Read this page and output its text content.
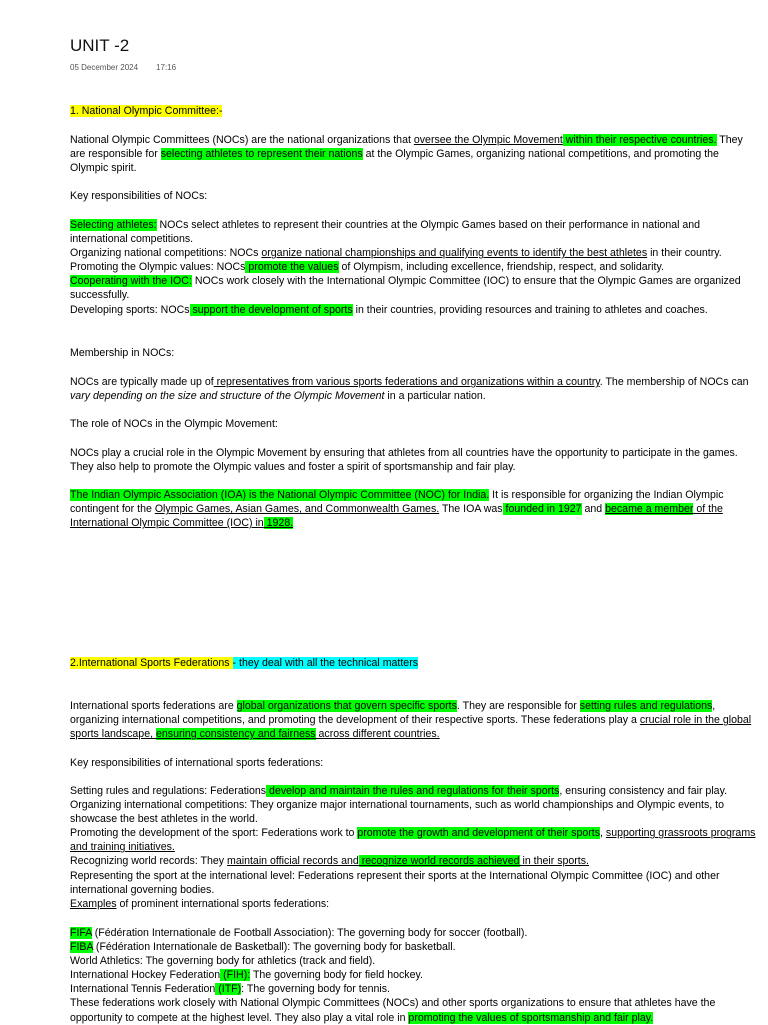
UNIT -2
05 December 2024 17:16
1. National Olympic Committee:-
National Olympic Committees (NOCs) are the national organizations that oversee the Olympic Movement within their respective countries. They are responsible for selecting athletes to represent their nations at the Olympic Games, organizing national competitions, and promoting the Olympic spirit.
Key responsibilities of NOCs:
Selecting athletes: NOCs select athletes to represent their countries at the Olympic Games based on their performance in national and international competitions.
Organizing national competitions: NOCs organize national championships and qualifying events to identify the best athletes in their country.
Promoting the Olympic values: NOCs promote the values of Olympism, including excellence, friendship, respect, and solidarity.
Cooperating with the IOC: NOCs work closely with the International Olympic Committee (IOC) to ensure that the Olympic Games are organized successfully.
Developing sports: NOCs support the development of sports in their countries, providing resources and training to athletes and coaches.
Membership in NOCs:
NOCs are typically made up of representatives from various sports federations and organizations within a country. The membership of NOCs can vary depending on the size and structure of the Olympic Movement in a particular nation.
The role of NOCs in the Olympic Movement:
NOCs play a crucial role in the Olympic Movement by ensuring that athletes from all countries have the opportunity to participate in the games. They also help to promote the Olympic values and foster a spirit of sportsmanship and fair play.
The Indian Olympic Association (IOA) is the National Olympic Committee (NOC) for India. It is responsible for organizing the Indian Olympic contingent for the Olympic Games, Asian Games, and Commonwealth Games. The IOA was founded in 1927 and became a member of the International Olympic Committee (IOC) in 1928.
2.International Sports Federations - they deal with all the technical matters
International sports federations are global organizations that govern specific sports. They are responsible for setting rules and regulations, organizing international competitions, and promoting the development of their respective sports. These federations play a crucial role in the global sports landscape, ensuring consistency and fairness across different countries.
Key responsibilities of international sports federations:
Setting rules and regulations: Federations develop and maintain the rules and regulations for their sports, ensuring consistency and fair play.
Organizing international competitions: They organize major international tournaments, such as world championships and Olympic events, to showcase the best athletes in the world.
Promoting the development of the sport: Federations work to promote the growth and development of their sports, supporting grassroots programs and training initiatives.
Recognizing world records: They maintain official records and recognize world records achieved in their sports.
Representing the sport at the international level: Federations represent their sports at the International Olympic Committee (IOC) and other international governing bodies.
Examples of prominent international sports federations:
FIFA (Fédération Internationale de Football Association): The governing body for soccer (football).
FIBA (Fédération Internationale de Basketball): The governing body for basketball.
World Athletics: The governing body for athletics (track and field).
International Hockey Federation (FIH): The governing body for field hockey.
International Tennis Federation (ITF): The governing body for tennis.
These federations work closely with National Olympic Committees (NOCs) and other sports organizations to ensure that athletes have the opportunity to compete at the highest level. They also play a vital role in promoting the values of sportsmanship and fair play.
